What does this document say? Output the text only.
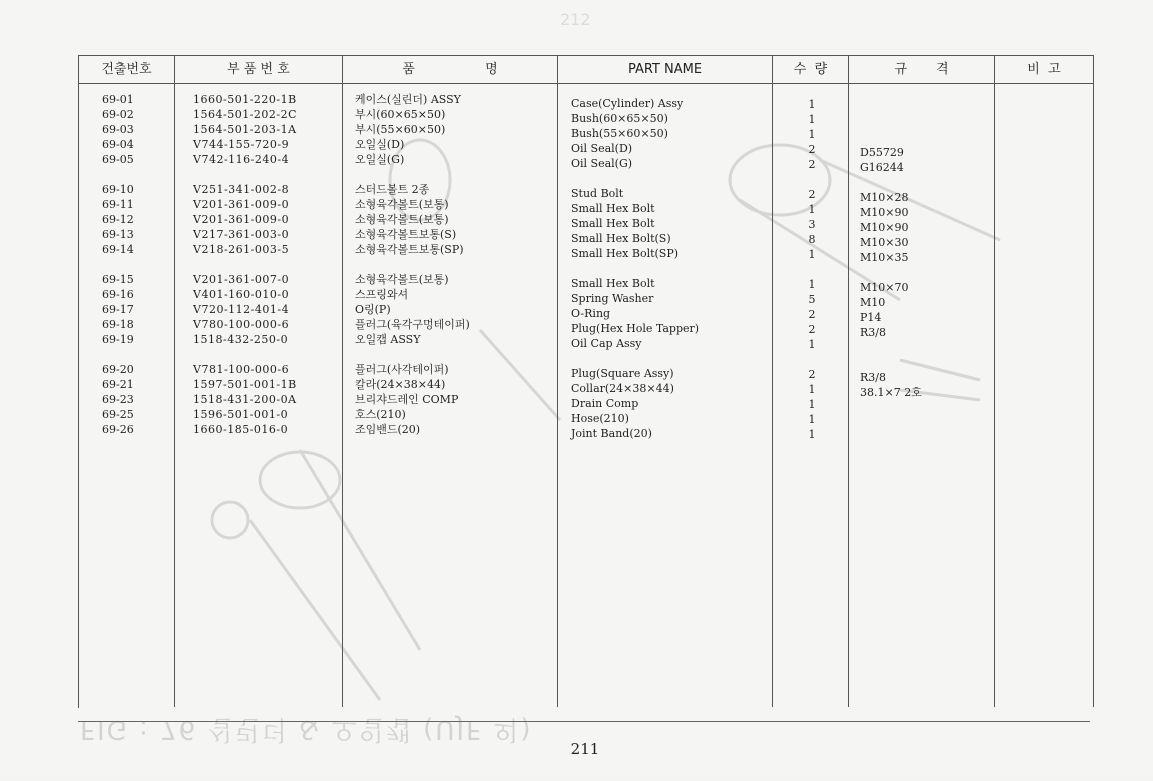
212
FIG : 76 실린더 & 오일캡 (UJF 외)
건출번호	부 품 번 호	품                 명	PART NAME	수  량	규       격	비  고
69-01	1660-501-220-1B	케이스(실린더) ASSY	Case(Cylinder) Assy	1
69-02	1564-501-202-2C	부시(60×65×50)	Bush(60×65×50)	1
69-03	1564-501-203-1A	부시(55×60×50)	Bush(55×60×50)	1
69-04	V744-155-720-9	오일실(D)	Oil Seal(D)	2	D55729
69-05	V742-116-240-4	오일실(G)	Oil Seal(G)	2	G16244
69-10	V251-341-002-8	스터드볼트 2종	Stud Bolt	2	M10×28
69-11	V201-361-009-0	소형육각볼트(보통)	Small Hex Bolt	1	M10×90
69-12	V201-361-009-0	소형육각볼트(보통)	Small Hex Bolt	3	M10×90
69-13	V217-361-003-0	소형육각볼트보통(S)	Small Hex Bolt(S)	8	M10×30
69-14	V218-261-003-5	소형육각볼트보통(SP)	Small Hex Bolt(SP)	1	M10×35
69-15	V201-361-007-0	소형육각볼트(보통)	Small Hex Bolt	1	M10×70
69-16	V401-160-010-0	스프링와셔	Spring Washer	5	M10
69-17	V720-112-401-4	O링(P)	O-Ring	2	P14
69-18	V780-100-000-6	플러그(육각구멍테이퍼)	Plug(Hex Hole Tapper)	2	R3/8
69-19	1518-432-250-0	오일캡 ASSY	Oil Cap Assy	1
69-20	V781-100-000-6	플러그(사각테이퍼)	Plug(Square Assy)	2	R3/8
69-21	1597-501-001-1B	칼라(24×38×44)	Collar(24×38×44)	1	38.1×7 2호
69-23	1518-431-200-0A	브리쟈드레인 COMP	Drain Comp	1
69-25	1596-501-001-0	호스(210)	Hose(210)	1
69-26	1660-185-016-0	조임밴드(20)	Joint Band(20)	1
211
